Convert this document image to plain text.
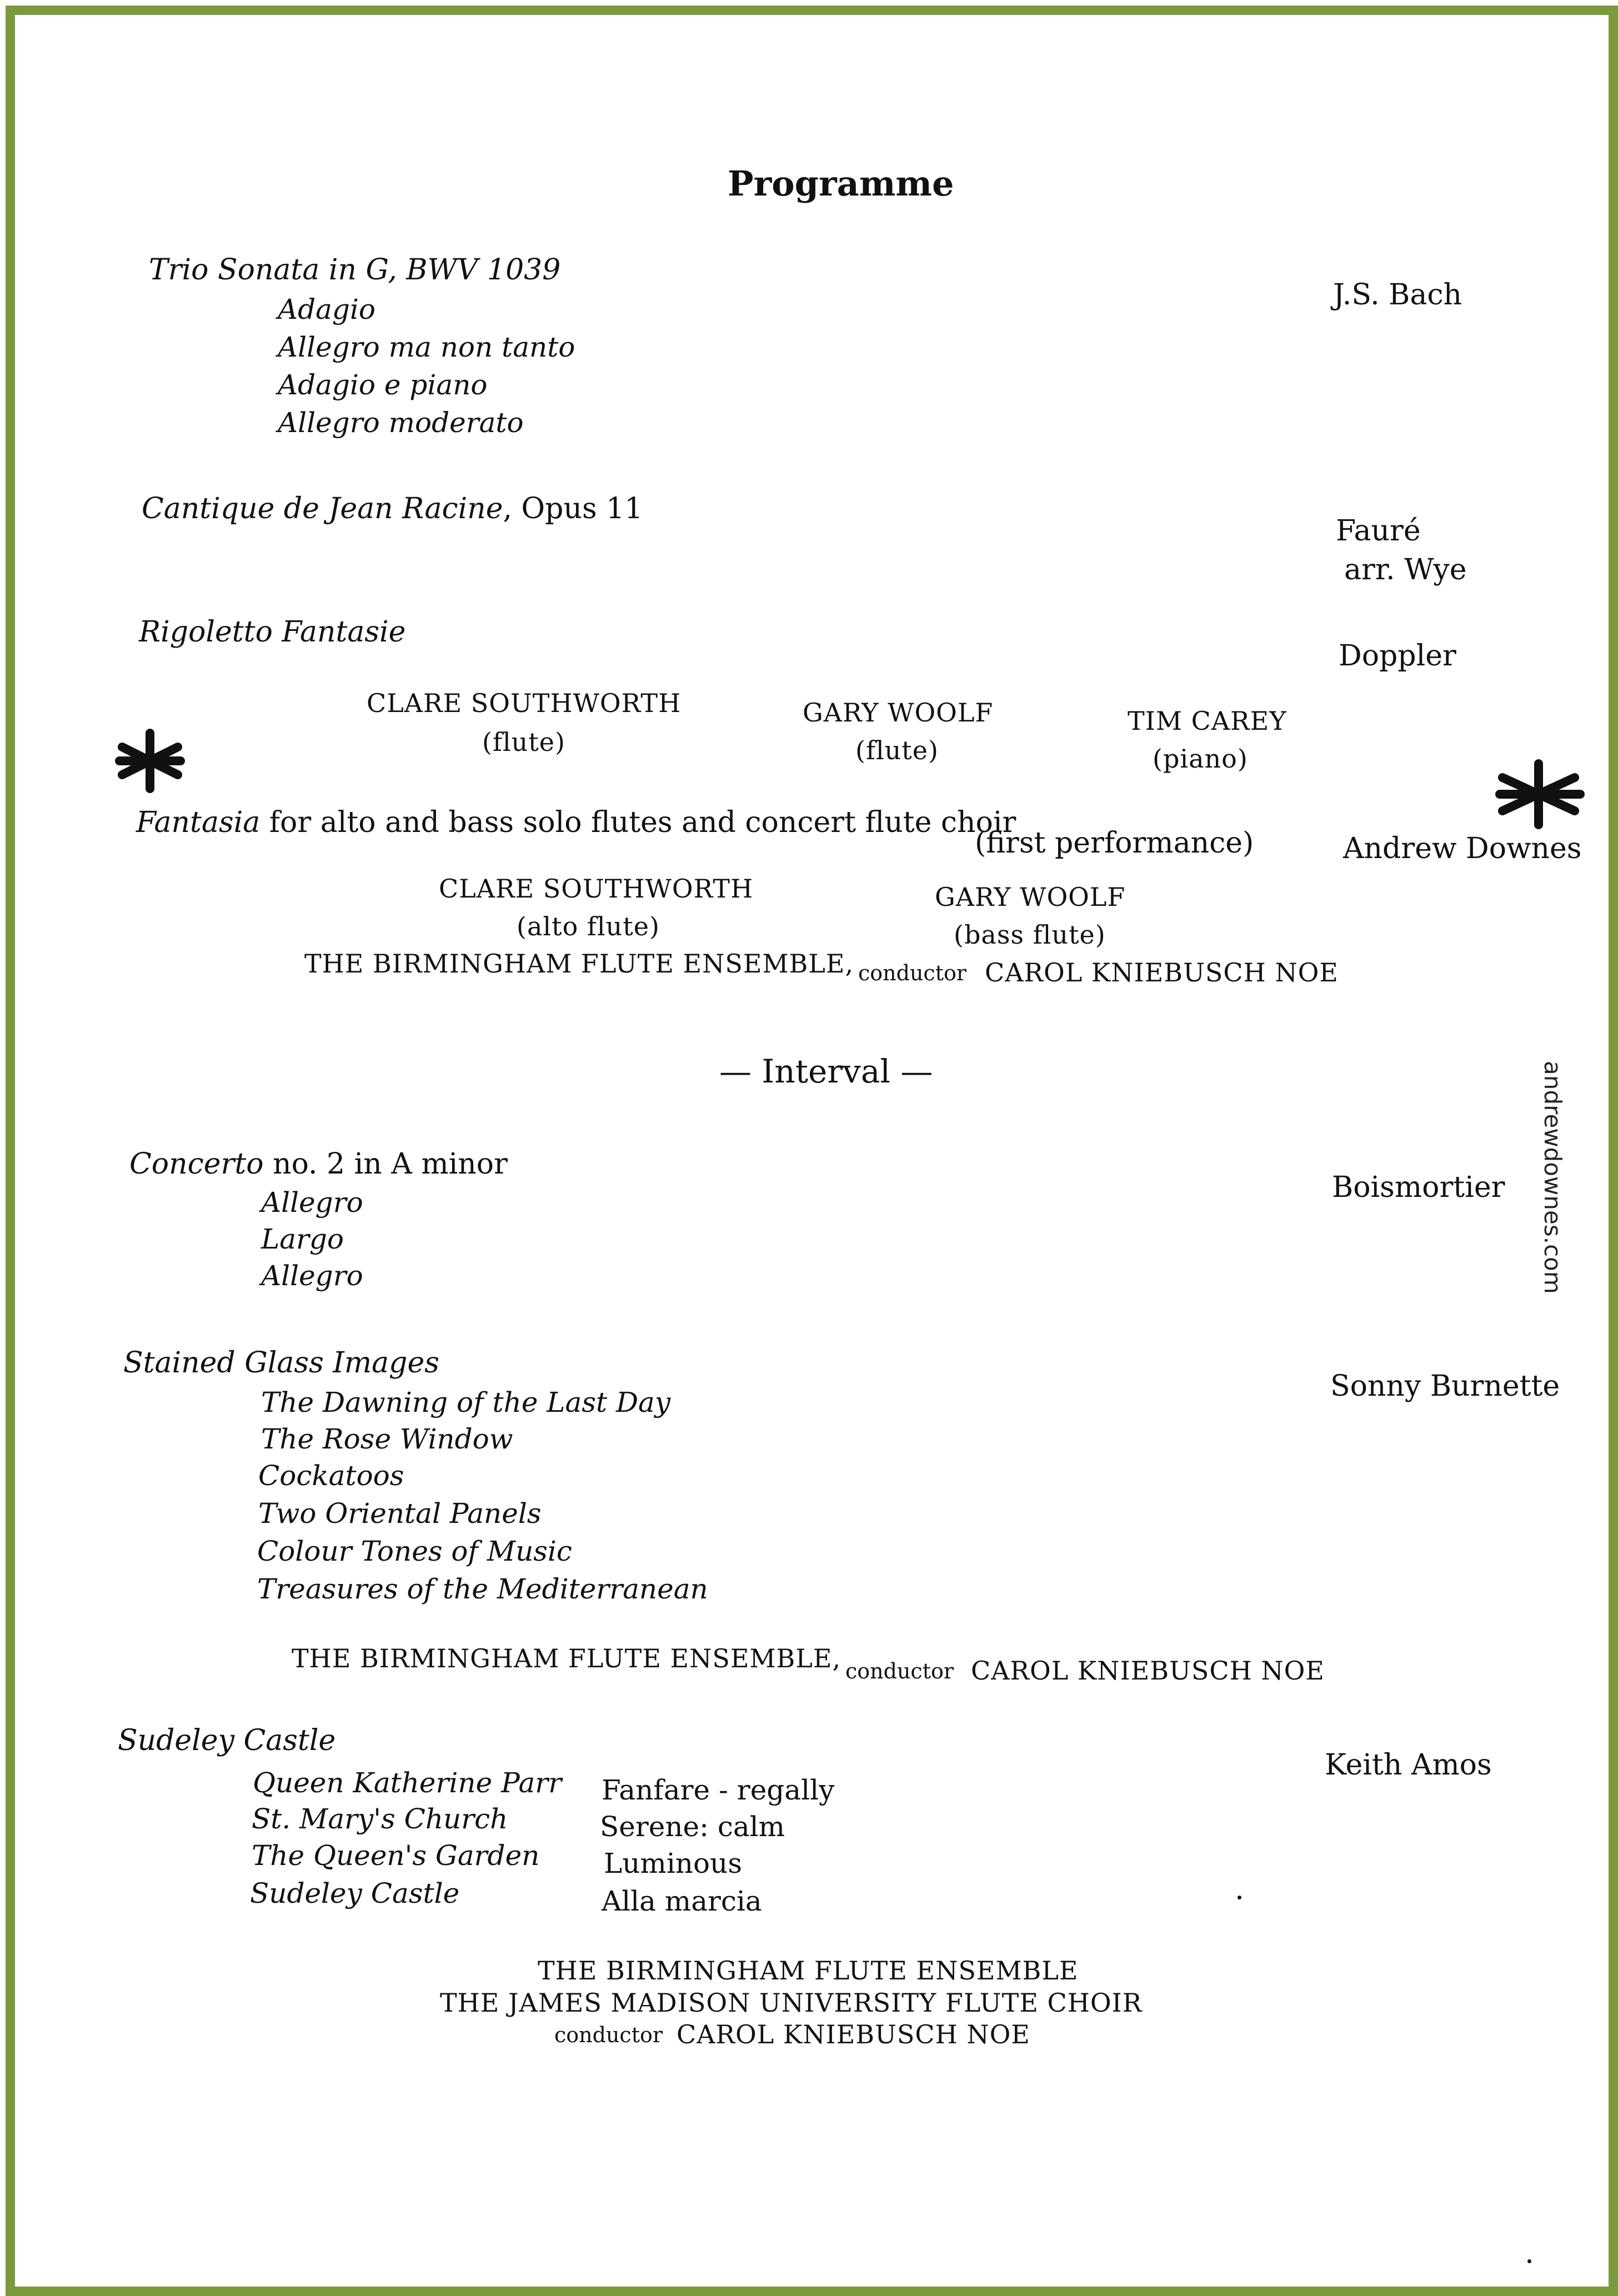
Programme
Trio Sonata in G, BWV 1039
Adagio
Allegro ma non tanto
Adagio e piano
Allegro moderato
J.S. Bach
Cantique de Jean Racine, Opus 11
Fauré
arr. Wye
Rigoletto Fantasie
Doppler
CLARE SOUTHWORTH
(flute)
GARY WOOLF
(flute)
TIM CAREY
(piano)
Fantasia for alto and bass solo flutes and concert flute choir
(first performance)	Andrew Downes
CLARE SOUTHWORTH
(alto flute)
GARY WOOLF
(bass flute)
THE BIRMINGHAM FLUTE ENSEMBLE, conductor CAROL KNIEBUSCH NOE
— Interval —
Concerto no. 2 in A minor
Allegro
Largo
Allegro
Boismortier
Stained Glass Images
The Dawning of the Last Day
The Rose Window
Cockatoos
Two Oriental Panels
Colour Tones of Music
Treasures of the Mediterranean
Sonny Burnette
THE BIRMINGHAM FLUTE ENSEMBLE, conductor CAROL KNIEBUSCH NOE
Sudeley Castle
Queen Katherine Parr
St. Mary's Church
The Queen's Garden
Sudeley Castle
Fanfare - regally
Serene: calm
Luminous
Alla marcia
Keith Amos
THE BIRMINGHAM FLUTE ENSEMBLE
THE JAMES MADISON UNIVERSITY FLUTE CHOIR
conductor CAROL KNIEBUSCH NOE
andrewdownes.com
